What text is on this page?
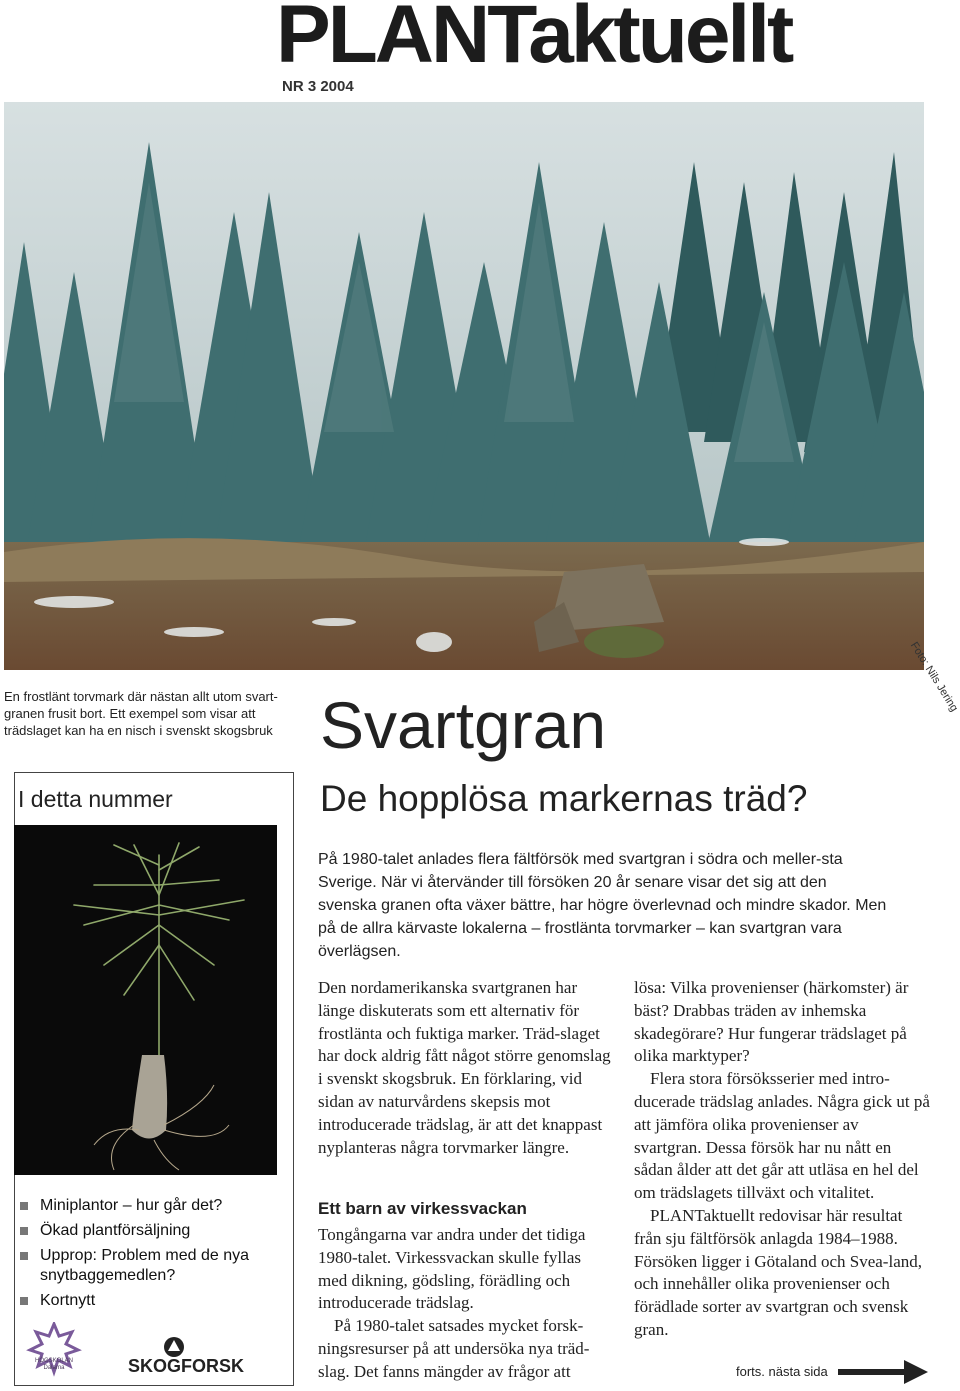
PLANTaktuellt
NR 3 2004
Foto: Nils Jering
En frostlänt torvmark där nästan allt utom svart-granen frusit bort. Ett exempel som visar att trädslaget kan ha en nisch i svenskt skogsbruk
I detta nummer
Miniplantor – hur går det?
Ökad plantförsäljning
Upprop: Problem med de nya snytbaggemedlen?
Kortnytt
HÖGSKOLAN Dalarna	SKOGFORSK
Svartgran
De hopplösa markernas träd?
På 1980-talet anlades flera fältförsök med svartgran i södra och meller-sta Sverige. När vi återvänder till försöken 20 år senare visar det sig att den svenska granen ofta växer bättre, har högre överlevnad och mindre skador. Men på de allra kärvaste lokalerna – frostlänta torvmarker – kan svartgran vara överlägsen.

Den nordamerikanska svartgranen har länge diskuterats som ett alternativ för frostlänta och fuktiga marker. Träd-slaget har dock aldrig fått något större genomslag i svenskt skogsbruk. En förklaring, vid sidan av naturvårdens skepsis mot introducerade trädslag, är att det knappast nyplanteras några torvmarker längre.

Ett barn av virkessvackan

Tongångarna var andra under det tidiga 1980-talet. Virkessvackan skulle fyllas med dikning, gödsling, förädling och introducerade trädslag.

På 1980-talet satsades mycket forsk-ningsresurser på att undersöka nya träd-slag. Det fanns mängder av frågor att

lösa: Vilka provenienser (härkomster) är bäst? Drabbas träden av inhemska skadegörare? Hur fungerar trädslaget på olika marktyper?

Flera stora försöksserier med intro-ducerade trädslag anlades. Några gick ut på att jämföra olika provenienser av svartgran. Dessa försök har nu nått en sådan ålder att det går att utläsa en hel del om trädslagets tillväxt och vitalitet.

PLANTaktuellt redovisar här resultat från sju fältförsök anlagda 1984–1988. Försöken ligger i Götaland och Svea-land, och innehåller olika provenienser och förädlade sorter av svartgran och svensk gran.

forts. nästa sida
